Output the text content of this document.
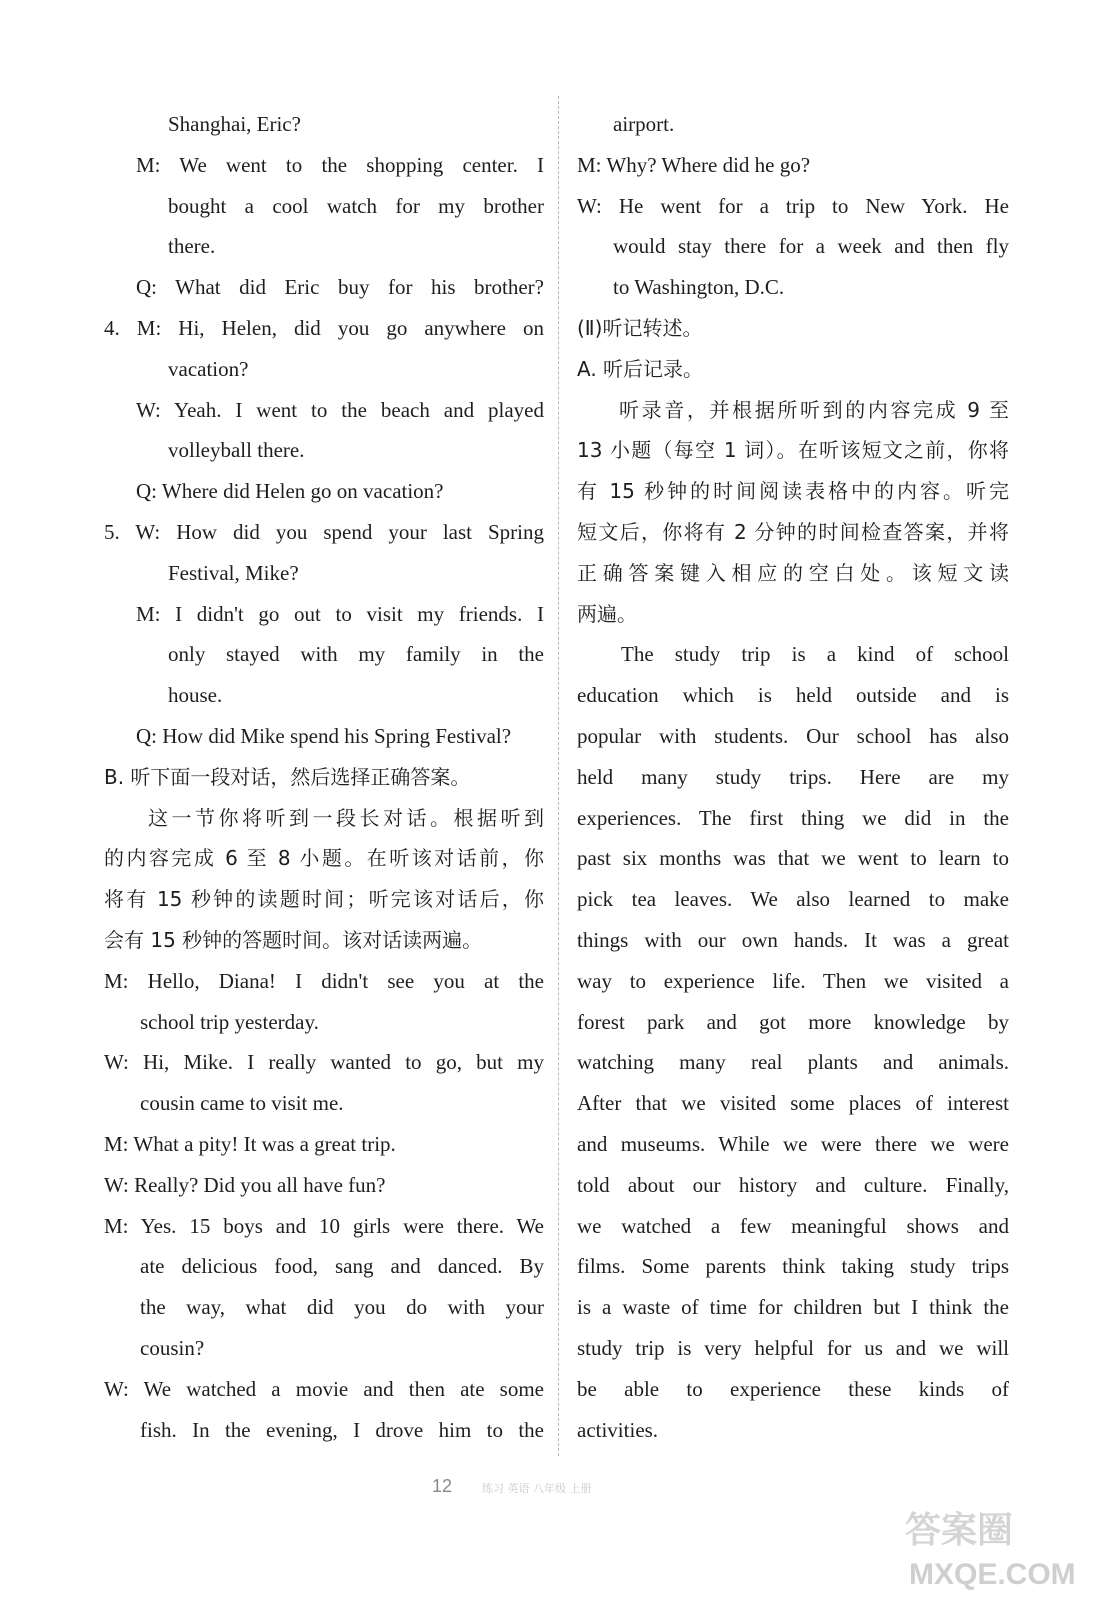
Shanghai, Eric?
M: We went to the shopping center. I
bought a cool watch for my brother
there.
Q: What did Eric buy for his brother?
4. M: Hi, Helen, did you go anywhere on
vacation?
W: Yeah. I went to the beach and played
volleyball there.
Q: Where did Helen go on vacation?
5. W: How did you spend your last Spring
Festival, Mike?
M: I didn't go out to visit my friends. I
only stayed with my family in the
house.
Q: How did Mike spend his Spring Festival?
B. 听下面一段对话，然后选择正确答案。
这一节你将听到一段长对话。根据听到
的内容完成 6 至 8 小题。在听该对话前，你
将有 15 秒钟的读题时间；听完该对话后，你
会有 15 秒钟的答题时间。该对话读两遍。
M: Hello, Diana! I didn't see you at the
school trip yesterday.
W: Hi, Mike. I really wanted to go, but my
cousin came to visit me.
M: What a pity! It was a great trip.
W: Really? Did you all have fun?
M: Yes. 15 boys and 10 girls were there. We
ate delicious food, sang and danced. By
the way, what did you do with your
cousin?
W: We watched a movie and then ate some
fish. In the evening, I drove him to the
airport.
M: Why? Where did he go?
W: He went for a trip to New York. He
would stay there for a week and then fly
to Washington, D.C.
(Ⅱ)听记转述。
A. 听后记录。
听录音，并根据所听到的内容完成 9 至
13 小题（每空 1 词）。在听该短文之前，你将
有 15 秒钟的时间阅读表格中的内容。听完
短文后，你将有 2 分钟的时间检查答案，并将
正确答案键入相应的空白处。该短文读
两遍。
The study trip is a kind of school
education which is held outside and is
popular with students. Our school has also
held many study trips. Here are my
experiences. The first thing we did in the
past six months was that we went to learn to
pick tea leaves. We also learned to make
things with our own hands. It was a great
way to experience life. Then we visited a
forest park and got more knowledge by
watching many real plants and animals.
After that we visited some places of interest
and museums. While we were there we were
told about our history and culture. Finally,
we watched a few meaningful shows and
films. Some parents think taking study trips
is a waste of time for children but I think the
study trip is very helpful for us and we will
be able to experience these kinds of
activities.
12	练习 英语 八年级 上册
答案圈
MXQE.COM
